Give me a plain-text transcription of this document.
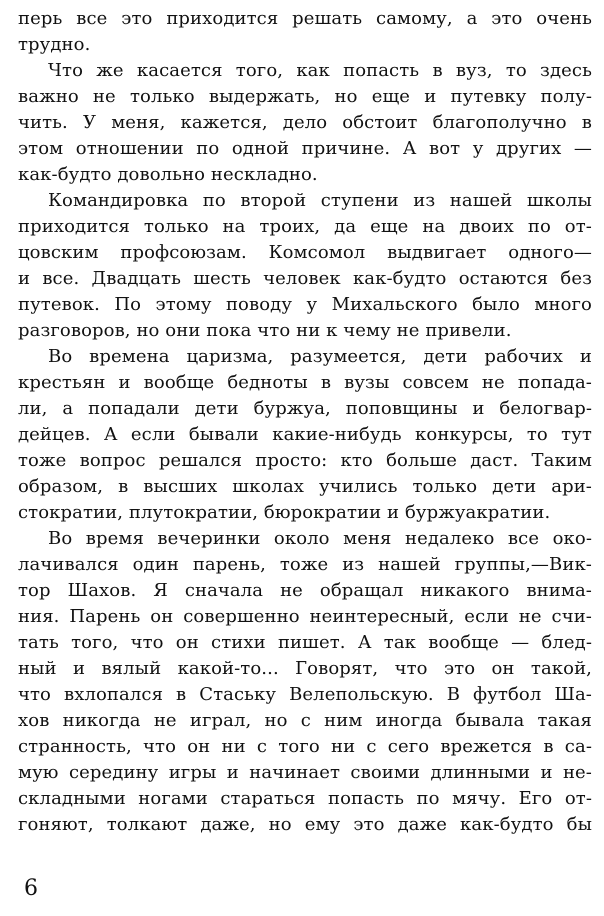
перь все это приходится решать самому, а это очень
трудно.
Что же касается того, как попасть в вуз, то здесь
важно не только выдержать, но еще и путевку полу-
чить. У меня, кажется, дело обстоит благополучно в
этом отношении по одной причине. А вот у других —
как-будто довольно нескладно.
Командировка по второй ступени из нашей школы
приходится только на троих, да еще на двоих по от-
цовским профсоюзам. Комсомол выдвигает одного—
и все. Двадцать шесть человек как-будто остаются без
путевок. По этому поводу у Михальского было много
разговоров, но они пока что ни к чему не привели.
Во времена царизма, разумеется, дети рабочих и
крестьян и вообще бедноты в вузы совсем не попада-
ли, а попадали дети буржуа, поповщины и белогвар-
дейцев. А если бывали какие-нибудь конкурсы, то тут
тоже вопрос решался просто: кто больше даст. Таким
образом, в высших школах учились только дети ари-
стократии, плутократии, бюрократии и буржуакратии.
Во время вечеринки около меня недалеко все око-
лачивался один парень, тоже из нашей группы,—Вик-
тор Шахов. Я сначала не обращал никакого внима-
ния. Парень он совершенно неинтересный, если не счи-
тать того, что он стихи пишет. А так вообще — блед-
ный и вялый какой-то... Говорят, что это он такой,
что вхлопался в Стаську Велепольскую. В футбол Ша-
хов никогда не играл, но с ним иногда бывала такая
странность, что он ни с того ни с сего врежется в са-
мую середину игры и начинает своими длинными и не-
складными ногами стараться попасть по мячу. Его от-
гоняют, толкают даже, но ему это даже как-будто бы
6
